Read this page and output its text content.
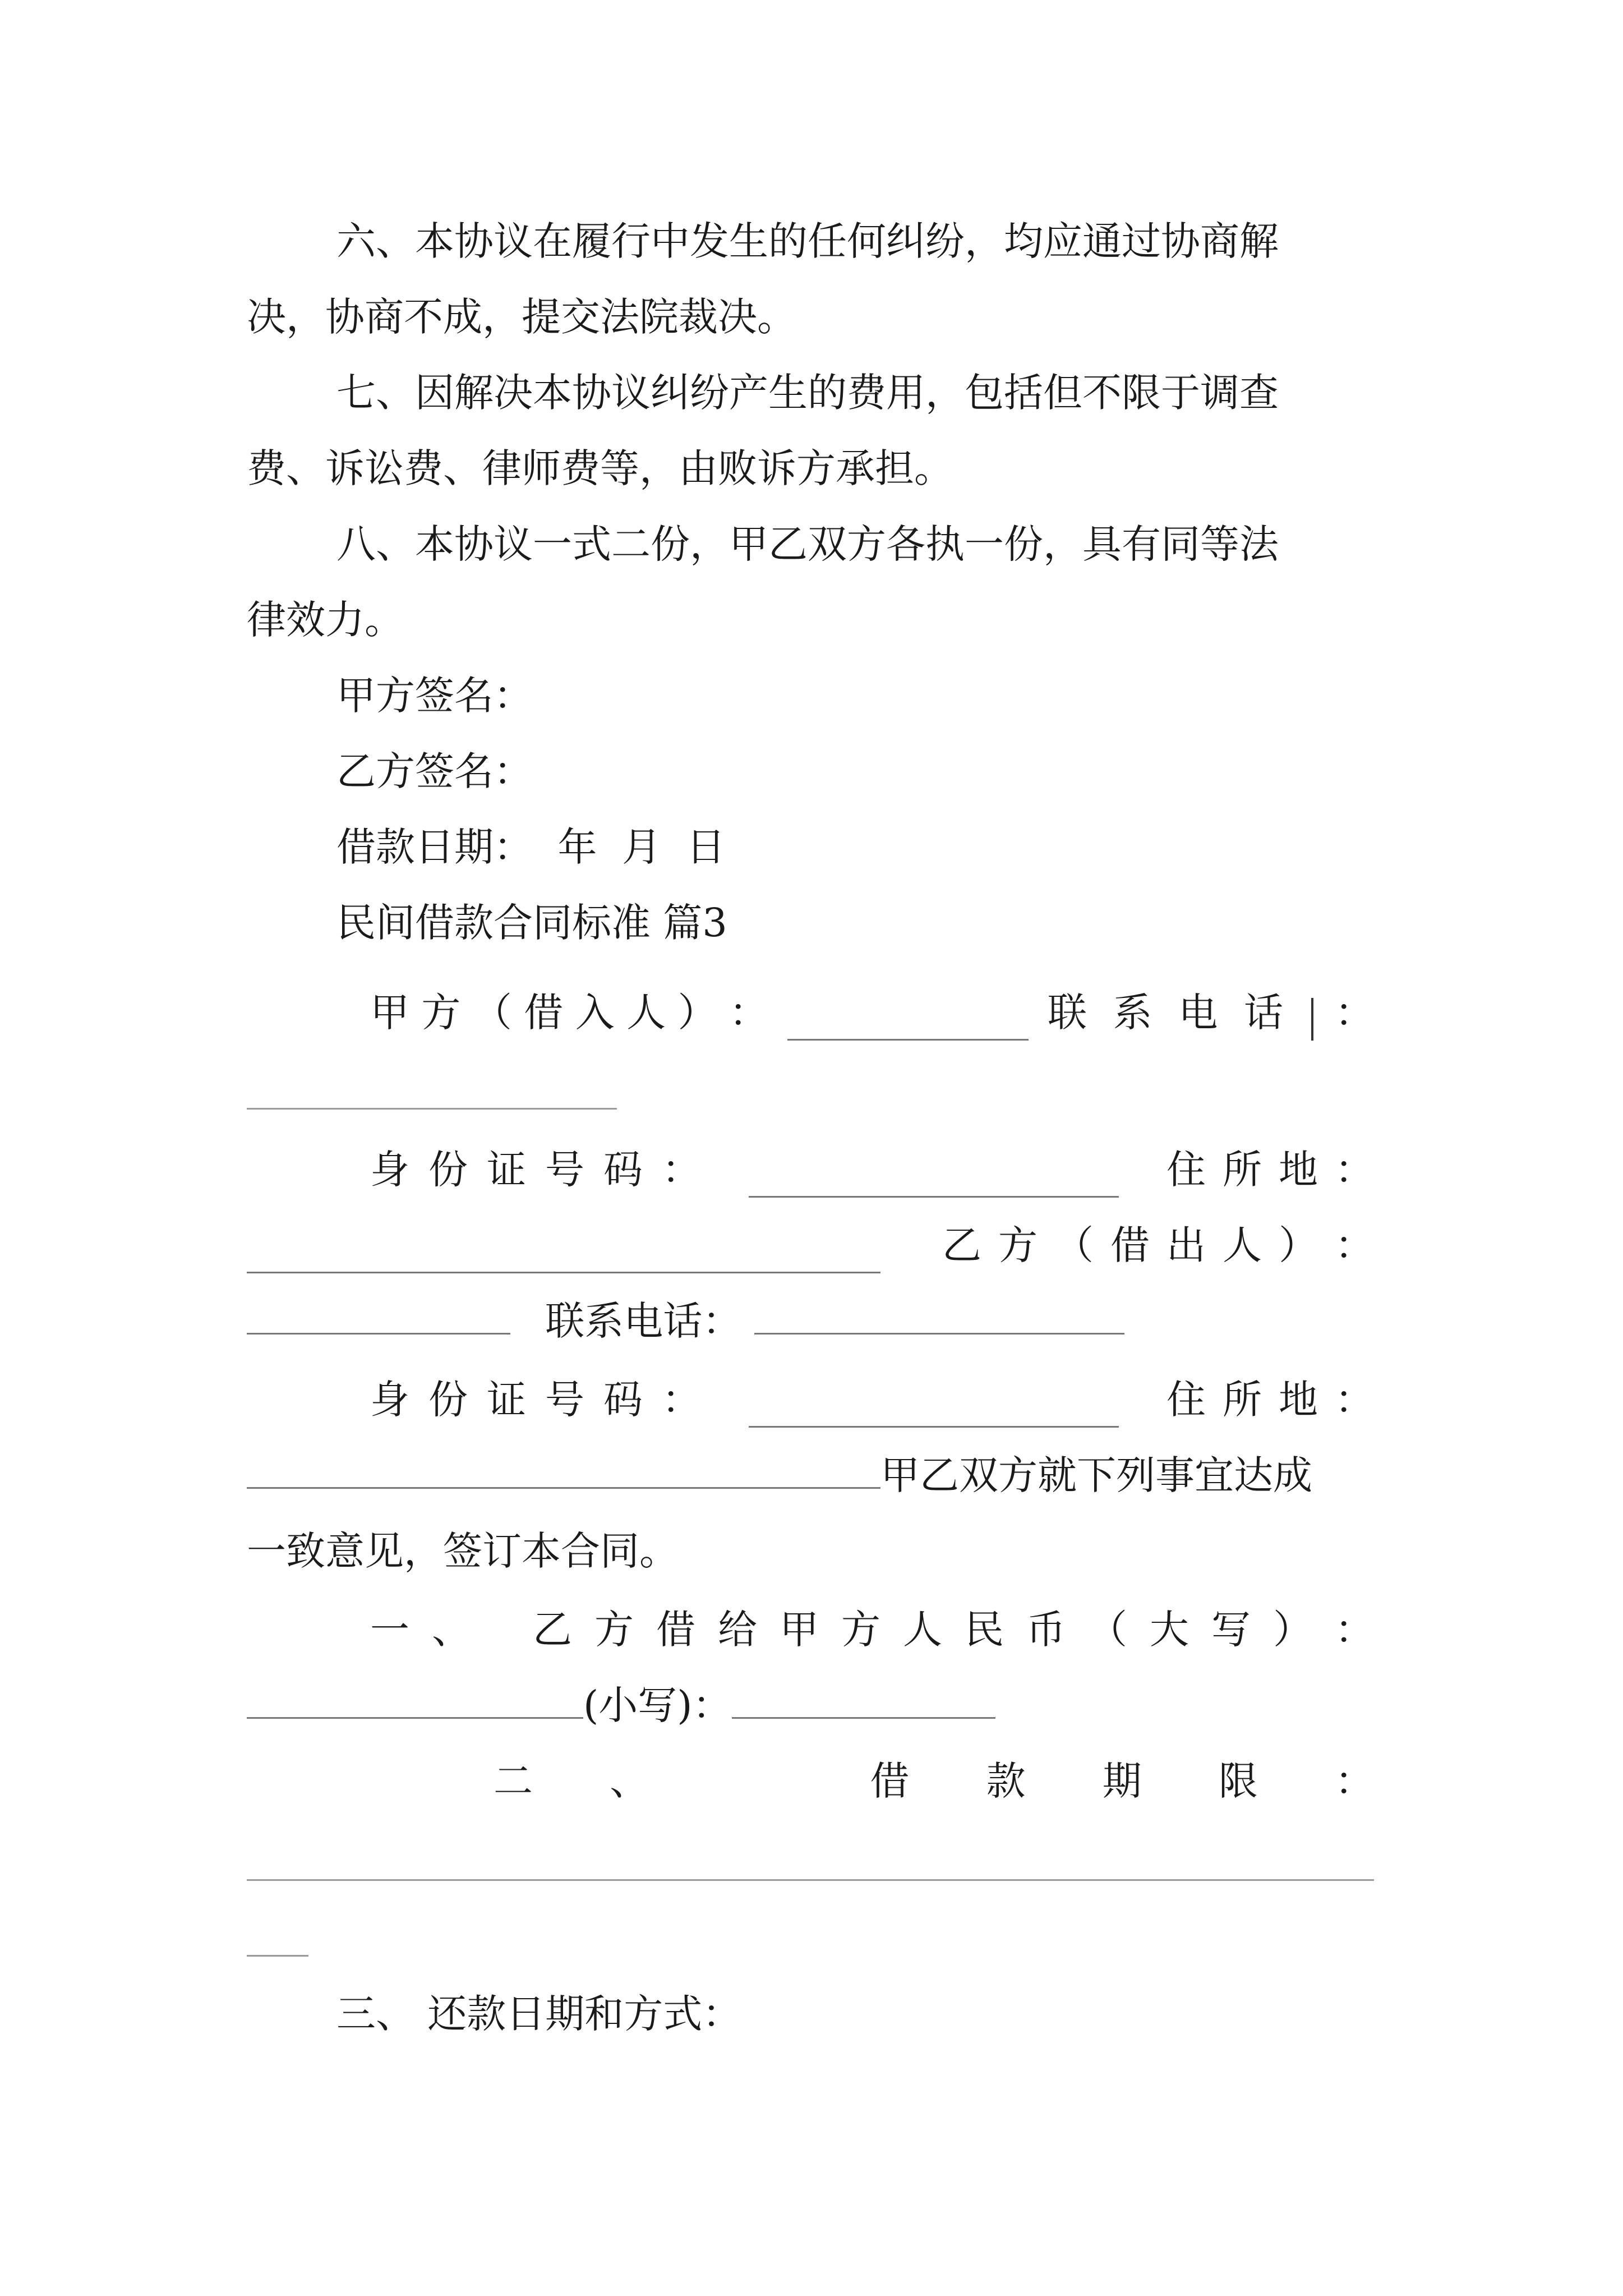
六、本协议在履行中发生的任何纠纷，均应通过协商解
决，协商不成，提交法院裁决。
七、因解决本协议纠纷产生的费用，包括但不限于调查
费、诉讼费、律师费等，由败诉方承担。
八、本协议一式二份，甲乙双方各执一份，具有同等法
律效力。
甲方签名：
乙方签名：
借款日期：  年  月  日
民间借款合同标准 篇3
甲 方 （ 借 入 人 ） ：	联 系 电 话 ：
身 份 证 号 码 ：	住 所 地 ：
乙 方 （ 借 出 人 ） ：
联系电话：
身 份 证 号 码 ：	住 所 地 ：
甲乙双方就下列事宜达成
一致意见，签订本合同。
一 、 乙 方 借 给 甲 方 人 民 币 （ 大 写 ） ：
(小写)：
二 、	借 款 期 限 ：
三、 还款日期和方式：
